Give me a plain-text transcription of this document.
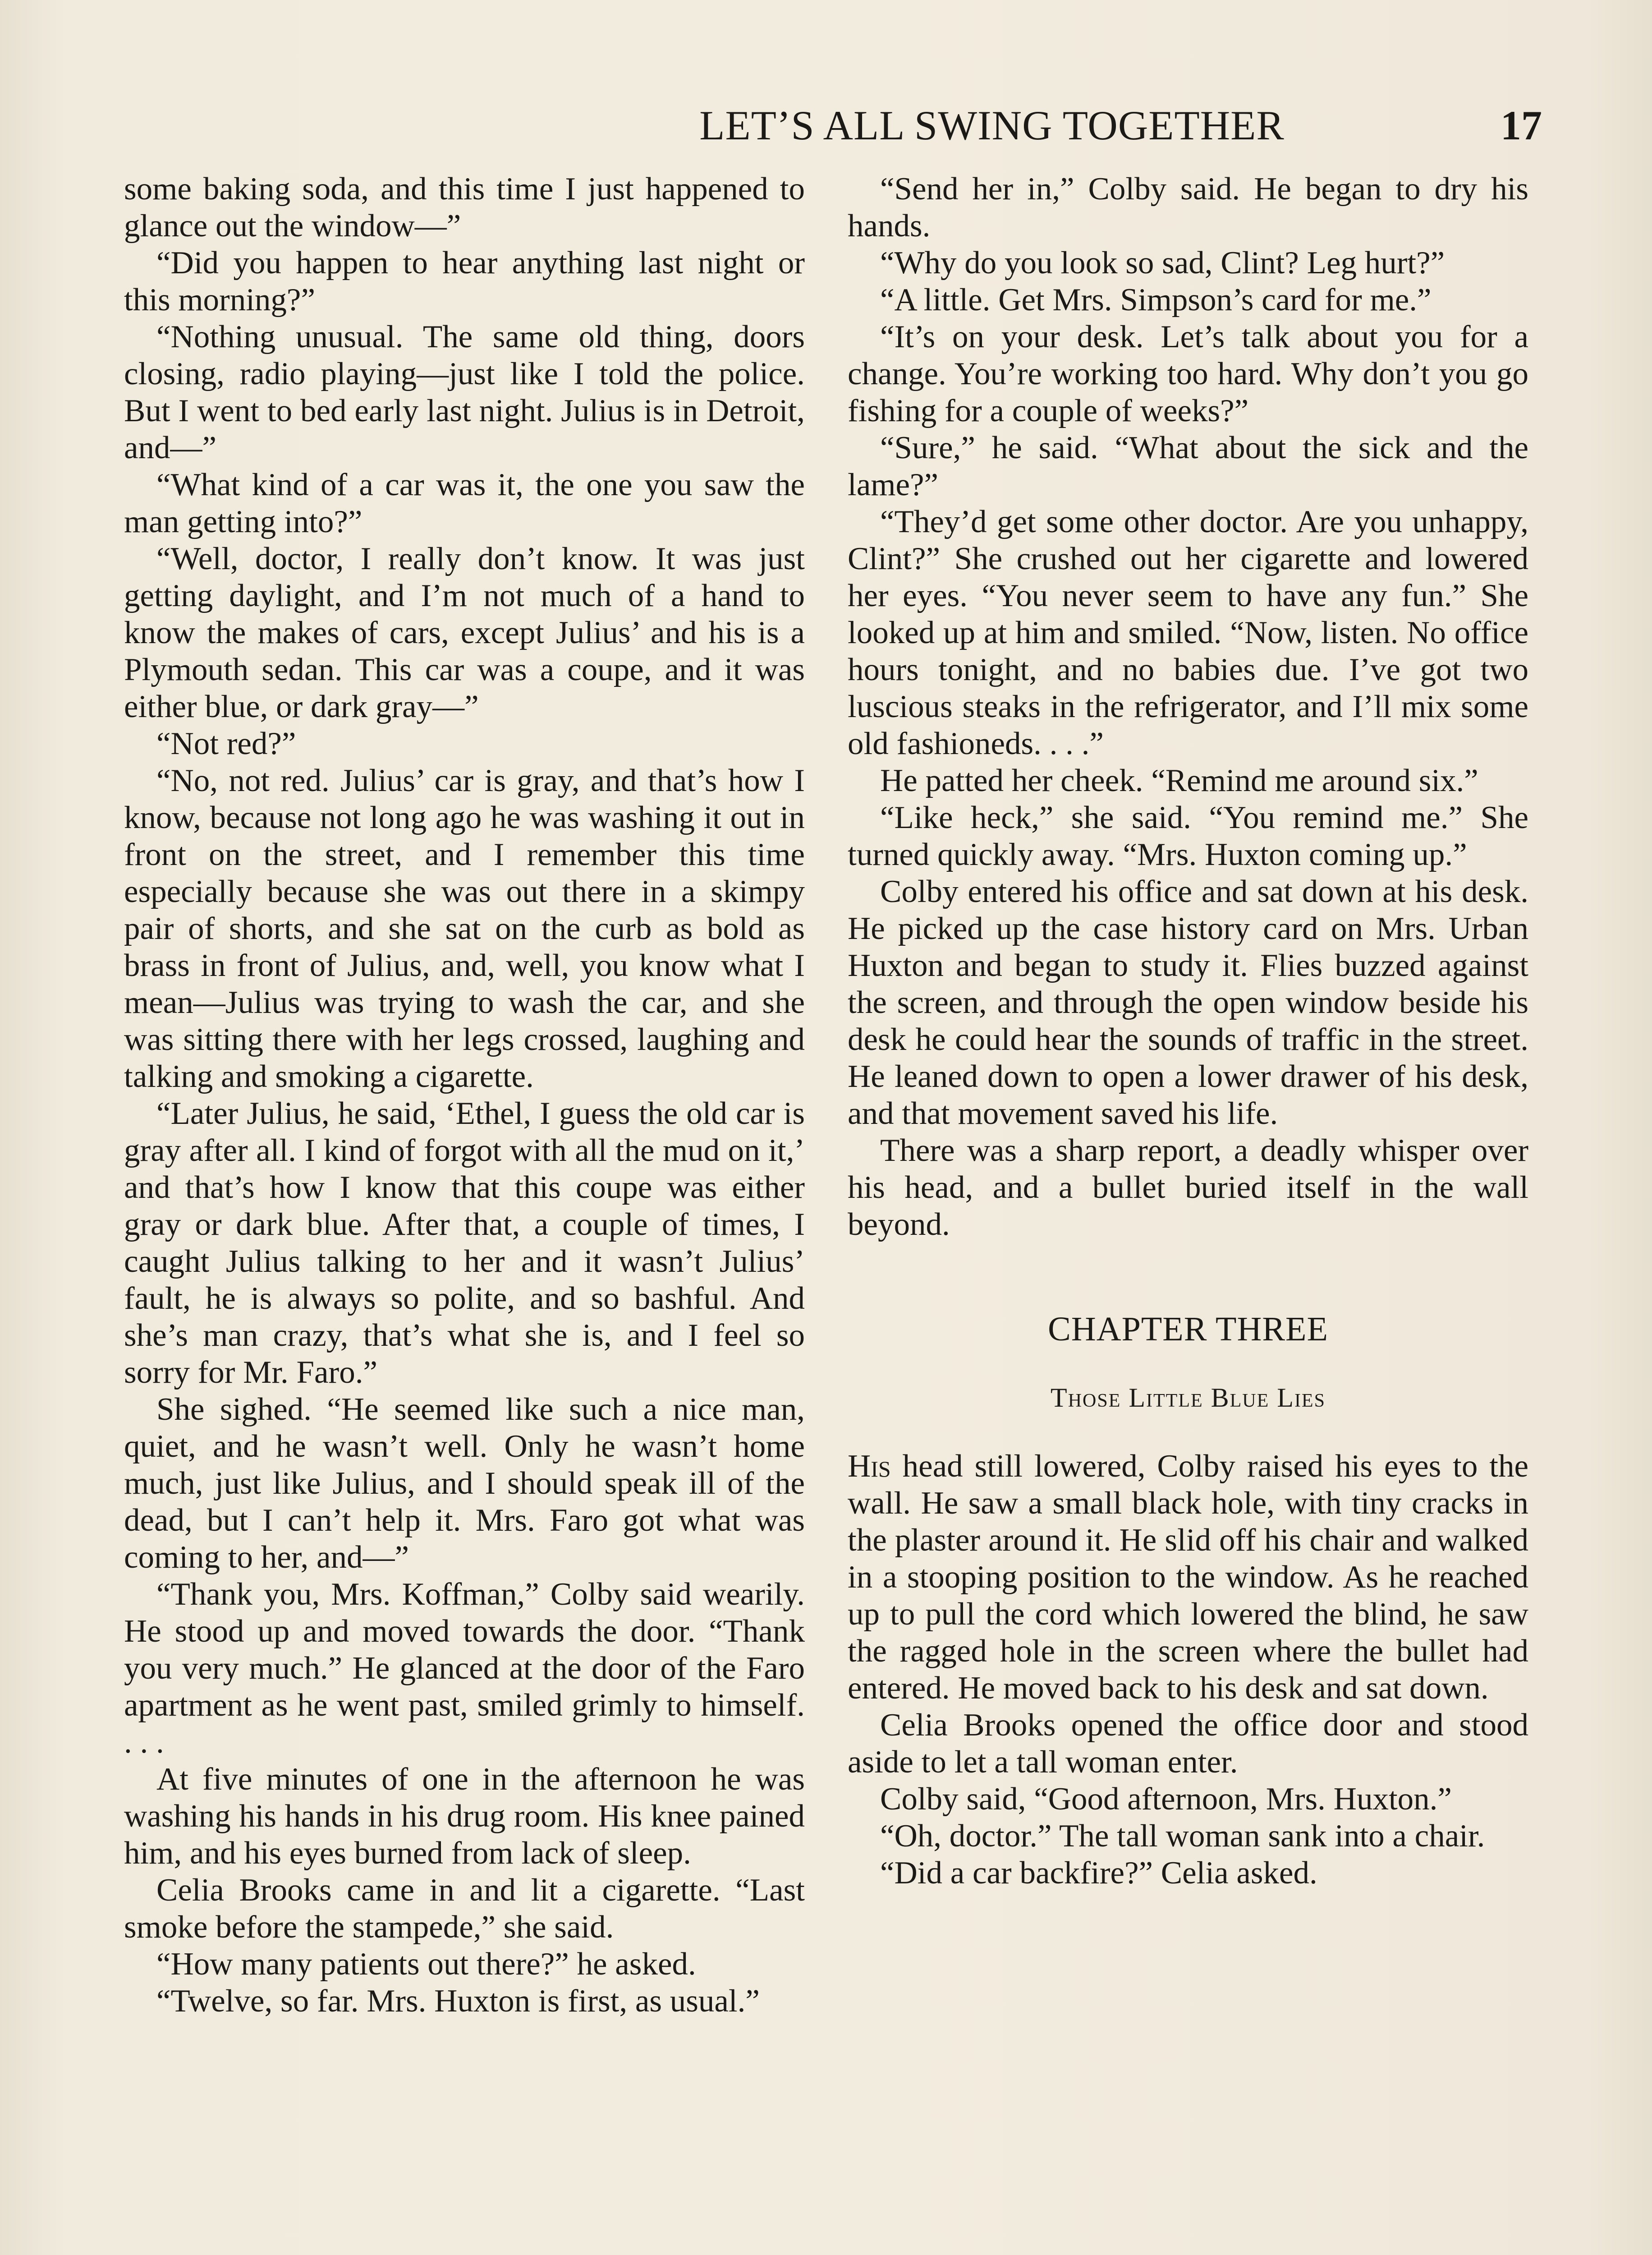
LET’S ALL SWING TOGETHER	17

some baking soda, and this time I just happened to glance out the window—”

“Did you happen to hear anything last night or this morning?”

“Nothing unusual. The same old thing, doors closing, radio playing—just like I told the police. But I went to bed early last night. Julius is in Detroit, and—”

“What kind of a car was it, the one you saw the man getting into?”

“Well, doctor, I really don’t know. It was just getting daylight, and I’m not much of a hand to know the makes of cars, except Julius’ and his is a Plymouth sedan. This car was a coupe, and it was either blue, or dark gray—”

“Not red?”

“No, not red. Julius’ car is gray, and that’s how I know, because not long ago he was washing it out in front on the street, and I remember this time especially because she was out there in a skimpy pair of shorts, and she sat on the curb as bold as brass in front of Julius, and, well, you know what I mean—Julius was trying to wash the car, and she was sitting there with her legs crossed, laughing and talking and smoking a cigarette.

“Later Julius, he said, ‘Ethel, I guess the old car is gray after all. I kind of forgot with all the mud on it,’ and that’s how I know that this coupe was either gray or dark blue. After that, a couple of times, I caught Julius talking to her and it wasn’t Julius’ fault, he is always so polite, and so bashful. And she’s man crazy, that’s what she is, and I feel so sorry for Mr. Faro.”

She sighed. “He seemed like such a nice man, quiet, and he wasn’t well. Only he wasn’t home much, just like Julius, and I should speak ill of the dead, but I can’t help it. Mrs. Faro got what was coming to her, and—”

“Thank you, Mrs. Koffman,” Colby said wearily. He stood up and moved towards the door. “Thank you very much.” He glanced at the door of the Faro apartment as he went past, smiled grimly to himself. . . .

At five minutes of one in the afternoon he was washing his hands in his drug room. His knee pained him, and his eyes burned from lack of sleep.

Celia Brooks came in and lit a cigarette. “Last smoke before the stampede,” she said.

“How many patients out there?” he asked.

“Twelve, so far. Mrs. Huxton is first, as usual.”

“Send her in,” Colby said. He began to dry his hands.

“Why do you look so sad, Clint? Leg hurt?”

“A little. Get Mrs. Simpson’s card for me.”

“It’s on your desk. Let’s talk about you for a change. You’re working too hard. Why don’t you go fishing for a couple of weeks?”

“Sure,” he said. “What about the sick and the lame?”

“They’d get some other doctor. Are you unhappy, Clint?” She crushed out her cigarette and lowered her eyes. “You never seem to have any fun.” She looked up at him and smiled. “Now, listen. No office hours tonight, and no babies due. I’ve got two luscious steaks in the refrigerator, and I’ll mix some old fashioneds. . . .”

He patted her cheek. “Remind me around six.”

“Like heck,” she said. “You remind me.” She turned quickly away. “Mrs. Huxton coming up.”

Colby entered his office and sat down at his desk. He picked up the case history card on Mrs. Urban Huxton and began to study it. Flies buzzed against the screen, and through the open window beside his desk he could hear the sounds of traffic in the street. He leaned down to open a lower drawer of his desk, and that movement saved his life.

There was a sharp report, a deadly whisper over his head, and a bullet buried itself in the wall beyond.

CHAPTER THREE
Those Little Blue Lies

His head still lowered, Colby raised his eyes to the wall. He saw a small black hole, with tiny cracks in the plaster around it. He slid off his chair and walked in a stooping position to the window. As he reached up to pull the cord which lowered the blind, he saw the ragged hole in the screen where the bullet had entered. He moved back to his desk and sat down.

Celia Brooks opened the office door and stood aside to let a tall woman enter.

Colby said, “Good afternoon, Mrs. Huxton.”

“Oh, doctor.” The tall woman sank into a chair.

“Did a car backfire?” Celia asked.
